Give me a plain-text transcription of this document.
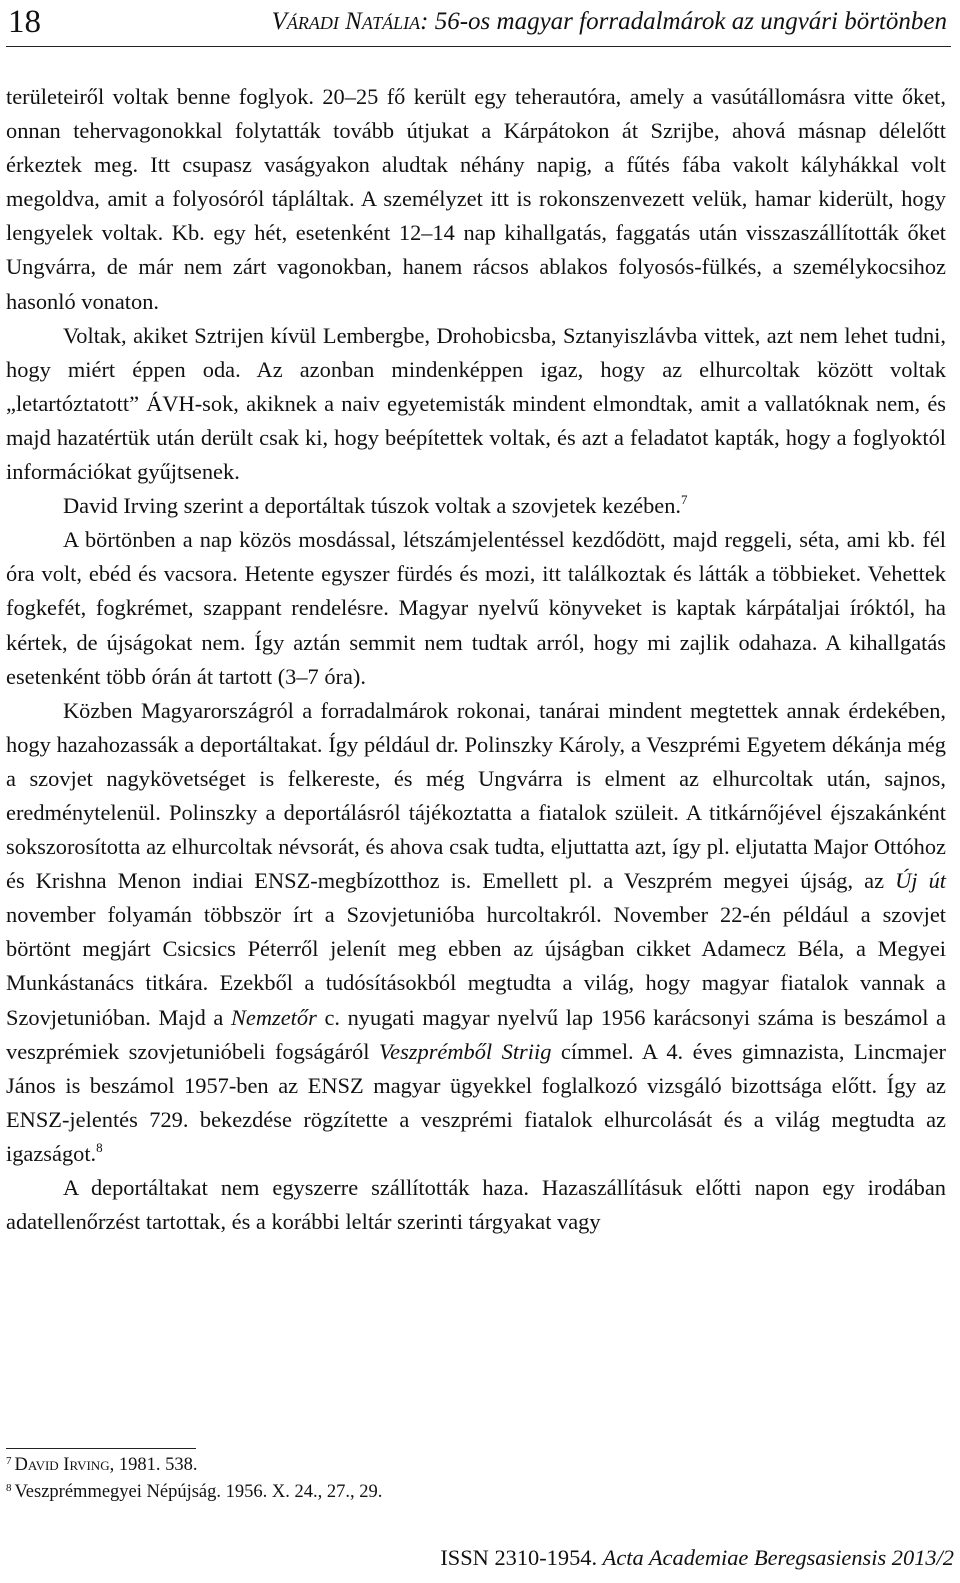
18	Váradi Natália: 56-os magyar forradalmárok az ungvári börtönben

területeiről voltak benne foglyok. 20–25 fő került egy teherautóra, amely a vasútállomásra vitte őket, onnan tehervagonokkal folytatták tovább útjukat a Kárpátokon át Szrijbe, ahová másnap délelőtt érkeztek meg. Itt csupasz vaságyakon aludtak néhány napig, a fűtés fába vakolt kályhákkal volt megoldva, amit a folyosóról tápláltak. A személyzet itt is rokonszenvezett velük, hamar kiderült, hogy lengyelek voltak. Kb. egy hét, esetenként 12–14 nap kihallgatás, faggatás után visszaszállították őket Ungvárra, de már nem zárt vagonokban, hanem rácsos ablakos folyosós-fülkés, a személykocsihoz hasonló vonaton.

Voltak, akiket Sztrijen kívül Lembergbe, Drohobicsba, Sztanyiszlávba vittek, azt nem lehet tudni, hogy miért éppen oda. Az azonban mindenképpen igaz, hogy az elhurcoltak között voltak „letartóztatott” ÁVH-sok, akiknek a naiv egyetemisták mindent elmondtak, amit a vallatóknak nem, és majd hazatértük után derült csak ki, hogy beépítettek voltak, és azt a feladatot kapták, hogy a foglyoktól információkat gyűjtsenek.

David Irving szerint a deportáltak túszok voltak a szovjetek kezében.$^7$

A börtönben a nap közös mosdással, létszámjelentéssel kezdődött, majd reggeli, séta, ami kb. fél óra volt, ebéd és vacsora. Hetente egyszer fürdés és mozi, itt találkoztak és látták a többieket. Vehettek fogkefét, fogkrémet, szappant rendelésre. Magyar nyelvű könyveket is kaptak kárpátaljai íróktól, ha kértek, de újságokat nem. Így aztán semmit nem tudtak arról, hogy mi zajlik odahaza. A kihallgatás esetenként több órán át tartott (3–7 óra).

Közben Magyarországról a forradalmárok rokonai, tanárai mindent megtettek annak érdekében, hogy hazahozassák a deportáltakat. Így például dr. Polinszky Károly, a Veszprémi Egyetem dékánja még a szovjet nagykövetséget is felkereste, és még Ungvárra is elment az elhurcoltak után, sajnos, eredménytelenül. Polinszky a deportálásról tájékoztatta a fiatalok szüleit. A titkárnőjével éjszakánként sokszorosította az elhurcoltak névsorát, és ahova csak tudta, eljuttatta azt, így pl. eljutatta Major Ottóhoz és Krishna Menon indiai ENSZ-megbízotthoz is. Emellett pl. a Veszprém megyei újság, az Új út november folyamán többször írt a Szovjetunióba hurcoltakról. November 22-én például a szovjet börtönt megjárt Csicsics Péterről jelenít meg ebben az újságban cikket Adamecz Béla, a Megyei Munkástanács titkára. Ezekből a tudósításokból megtudta a világ, hogy magyar fiatalok vannak a Szovjetunióban. Majd a Nemzetőr c. nyugati magyar nyelvű lap 1956 karácsonyi száma is beszámol a veszprémiek szovjetunióbeli fogságáról Veszprémből Striig címmel. A 4. éves gimnazista, Lincmajer János is beszámol 1957-ben az ENSZ magyar ügyekkel foglalkozó vizsgáló bizottsága előtt. Így az ENSZ-jelentés 729. bekezdése rögzítette a veszprémi fiatalok elhurcolását és a világ megtudta az igazságot.$^8$

A deportáltakat nem egyszerre szállították haza. Hazaszállításuk előtti napon egy irodában adatellenőrzést tartottak, és a korábbi leltár szerinti tárgyakat vagy

$^7$ David Irving, 1981. 538.

$^8$ Veszprémmegyei Népújság. 1956. X. 24., 27., 29.

ISSN 2310-1954. Acta Academiae Beregsasiensis 2013/2
